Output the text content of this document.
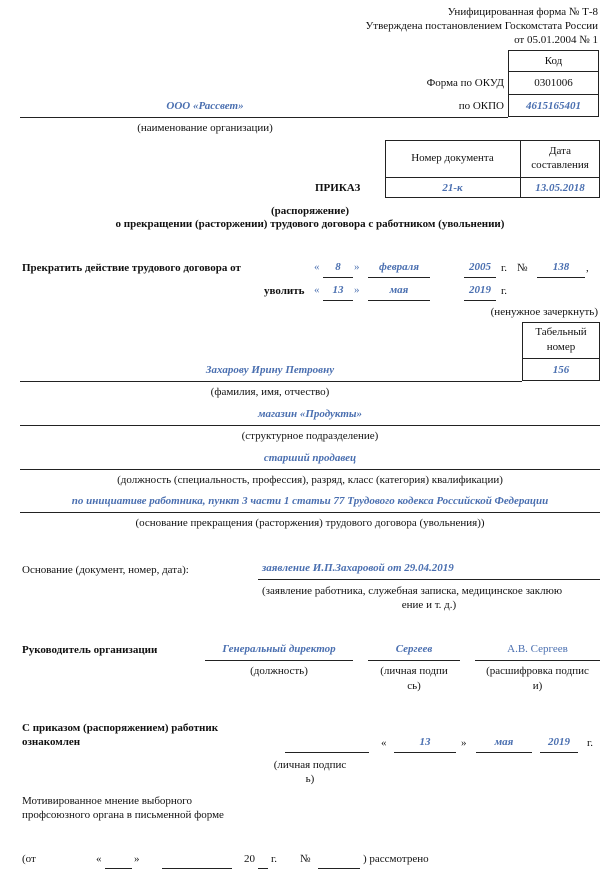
Унифицированная форма № Т-8
Утверждена постановлением Госкомстата России
от 05.01.2004 № 1
Код
Форма по ОКУД	0301006
по ОКПО	4615165401
ООО «Рассвет»
(наименование организации)
Номер документа
Дата
составления
21-к	13.05.2018
ПРИКАЗ
(распоряжение)
о прекращении (расторжении) трудового договора с работником (увольнении)
Прекратить действие трудового договора от	«	8	»	февраля	2005 г. №	138	,
уволить «	13 »	мая	2019 г.
(ненужное зачеркнуть)
Табельный
номер
156
Захарову Ирину Петровну
(фамилия, имя, отчество)
магазин «Продукты»
(структурное подразделение)
старший продавец
(должность (специальность, профессия), разряд, класс (категория) квалификации)
по инициативе работника, пункт 3 части 1 статьи 77 Трудового кодекса Российской Федерации
(основание прекращения (расторжения) трудового договора (увольнения))
Основание (документ, номер, дата):	заявление И.П.Захаровой от 29.04.2019
(заявление работника, служебная записка, медицинское заклюю
ение и т. д.)
Руководитель организации	Генеральный директор	Сергеев	А.В. Сергеев
(должность)	(личная подпи
сь)
(расшифровка подпис
и)
С приказом (распоряжением) работник
ознакомлен	«	13	»	мая	2019	г.
(личная подпис
ь)
Мотивированное мнение выборного
профсоюзного органа в письменной форме
(от	«	»	20 г. №	) рассмотрено
